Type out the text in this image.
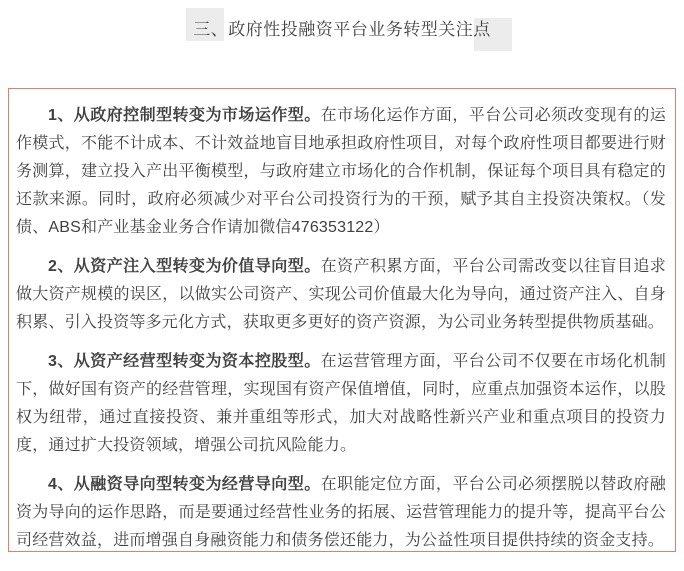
三、政府性投融资平台业务转型关注点

1、从政府控制型转变为市场运作型。在市场化运作方面，平台公司必须改变现有的运作模式，不能不计成本、不计效益地盲目地承担政府性项目，对每个政府性项目都要进行财务测算，建立投入产出平衡模型，与政府建立市场化的合作机制，保证每个项目具有稳定的还款来源。同时，政府必须减少对平台公司投资行为的干预，赋予其自主投资决策权。（发债、ABS和产业基金业务合作请加微信476353122）

2、从资产注入型转变为价值导向型。在资产积累方面，平台公司需改变以往盲目追求做大资产规模的误区，以做实公司资产、实现公司价值最大化为导向，通过资产注入、自身积累、引入投资等多元化方式，获取更多更好的资产资源，为公司业务转型提供物质基础。

3、从资产经营型转变为资本控股型。在运营管理方面，平台公司不仅要在市场化机制下，做好国有资产的经营管理，实现国有资产保值增值，同时，应重点加强资本运作，以股权为纽带，通过直接投资、兼并重组等形式，加大对战略性新兴产业和重点项目的投资力度，通过扩大投资领域，增强公司抗风险能力。

4、从融资导向型转变为经营导向型。在职能定位方面，平台公司必须摆脱以替政府融资为导向的运作思路，而是要通过经营性业务的拓展、运营管理能力的提升等，提高平台公司经营效益，进而增强自身融资能力和债务偿还能力，为公益性项目提供持续的资金支持。
